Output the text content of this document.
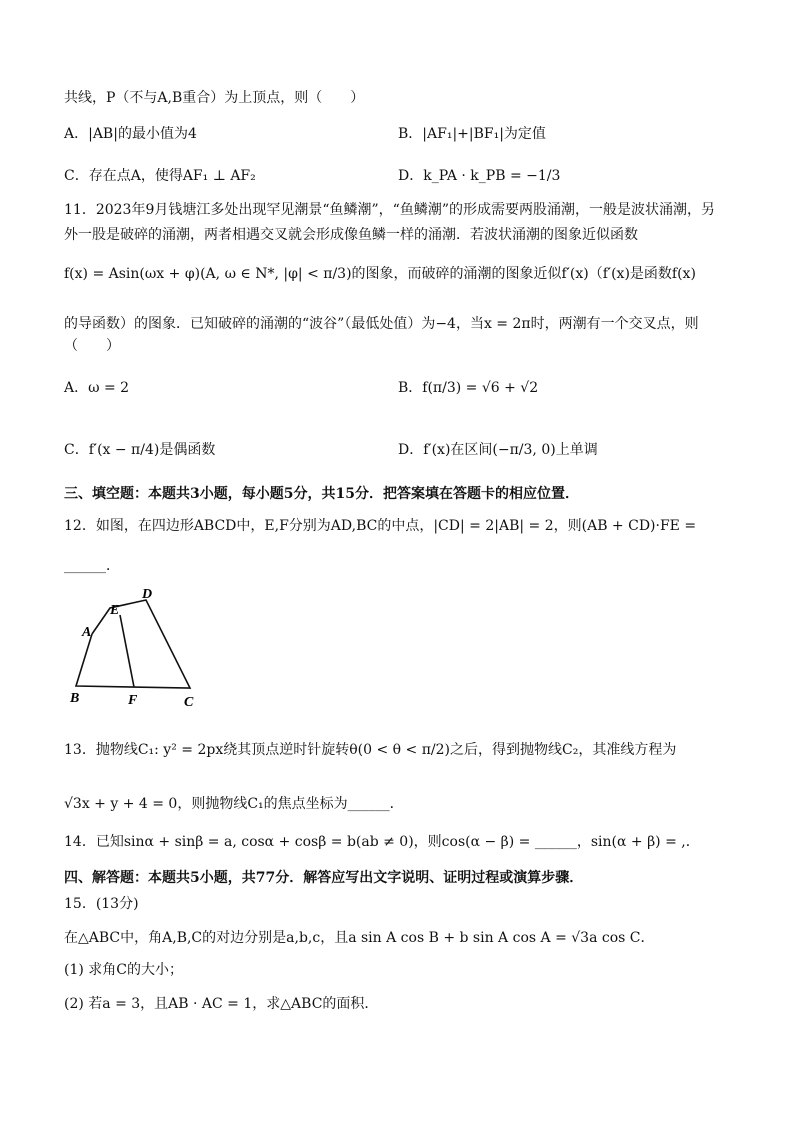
共线，P（不与A,B重合）为上顶点，则（　　）
A．|AB|的最小值为4	B．|AF₁|+|BF₁|为定值
C．存在点A，使得AF₁ ⊥ AF₂	D．k_PA · k_PB = −1/3
11．2023年9月钱塘江多处出现罕见潮景“鱼鳞潮”，“鱼鳞潮”的形成需要两股涌潮，一般是波状涌潮，另
外一股是破碎的涌潮，两者相遇交叉就会形成像鱼鳞一样的涌潮．若波状涌潮的图象近似函数
f(x) = Asin(ωx + φ)(A, ω ∈ N*, |φ| < π/3)的图象，而破碎的涌潮的图象近似f′(x)（f′(x)是函数f(x)
的导函数）的图象．已知破碎的涌潮的“波谷”（最低处值）为−4，当x = 2π时，两潮有一个交叉点，则
（　　）
A．ω = 2	B．f(π/3) = √6 + √2
C．f′(x − π/4)是偶函数	D．f′(x)在区间(−π/3, 0)上单调
三、填空题：本题共3小题，每小题5分，共15分．把答案填在答题卡的相应位置．
12．如图，在四边形ABCD中，E,F分别为AD,BC的中点，|CD| = 2|AB| = 2，则(AB + CD)·FE =
______．
D
E
A
B	F	C
13．抛物线C₁: y² = 2px绕其顶点逆时针旋转θ(0 < θ < π/2)之后，得到抛物线C₂，其准线方程为
√3x + y + 4 = 0，则抛物线C₁的焦点坐标为______．
14．已知sinα + sinβ = a, cosα + cosβ = b(ab ≠ 0)，则cos(α − β) = ______，sin(α + β) = ,．
四、解答题：本题共5小题，共77分．解答应写出文字说明、证明过程或演算步骤．
15．(13分)
在△ABC中，角A,B,C的对边分别是a,b,c，且a sin A cos B + b sin A cos A = √3a cos C．
(1) 求角C的大小；
(2) 若a = 3，且AB · AC = 1，求△ABC的面积．
